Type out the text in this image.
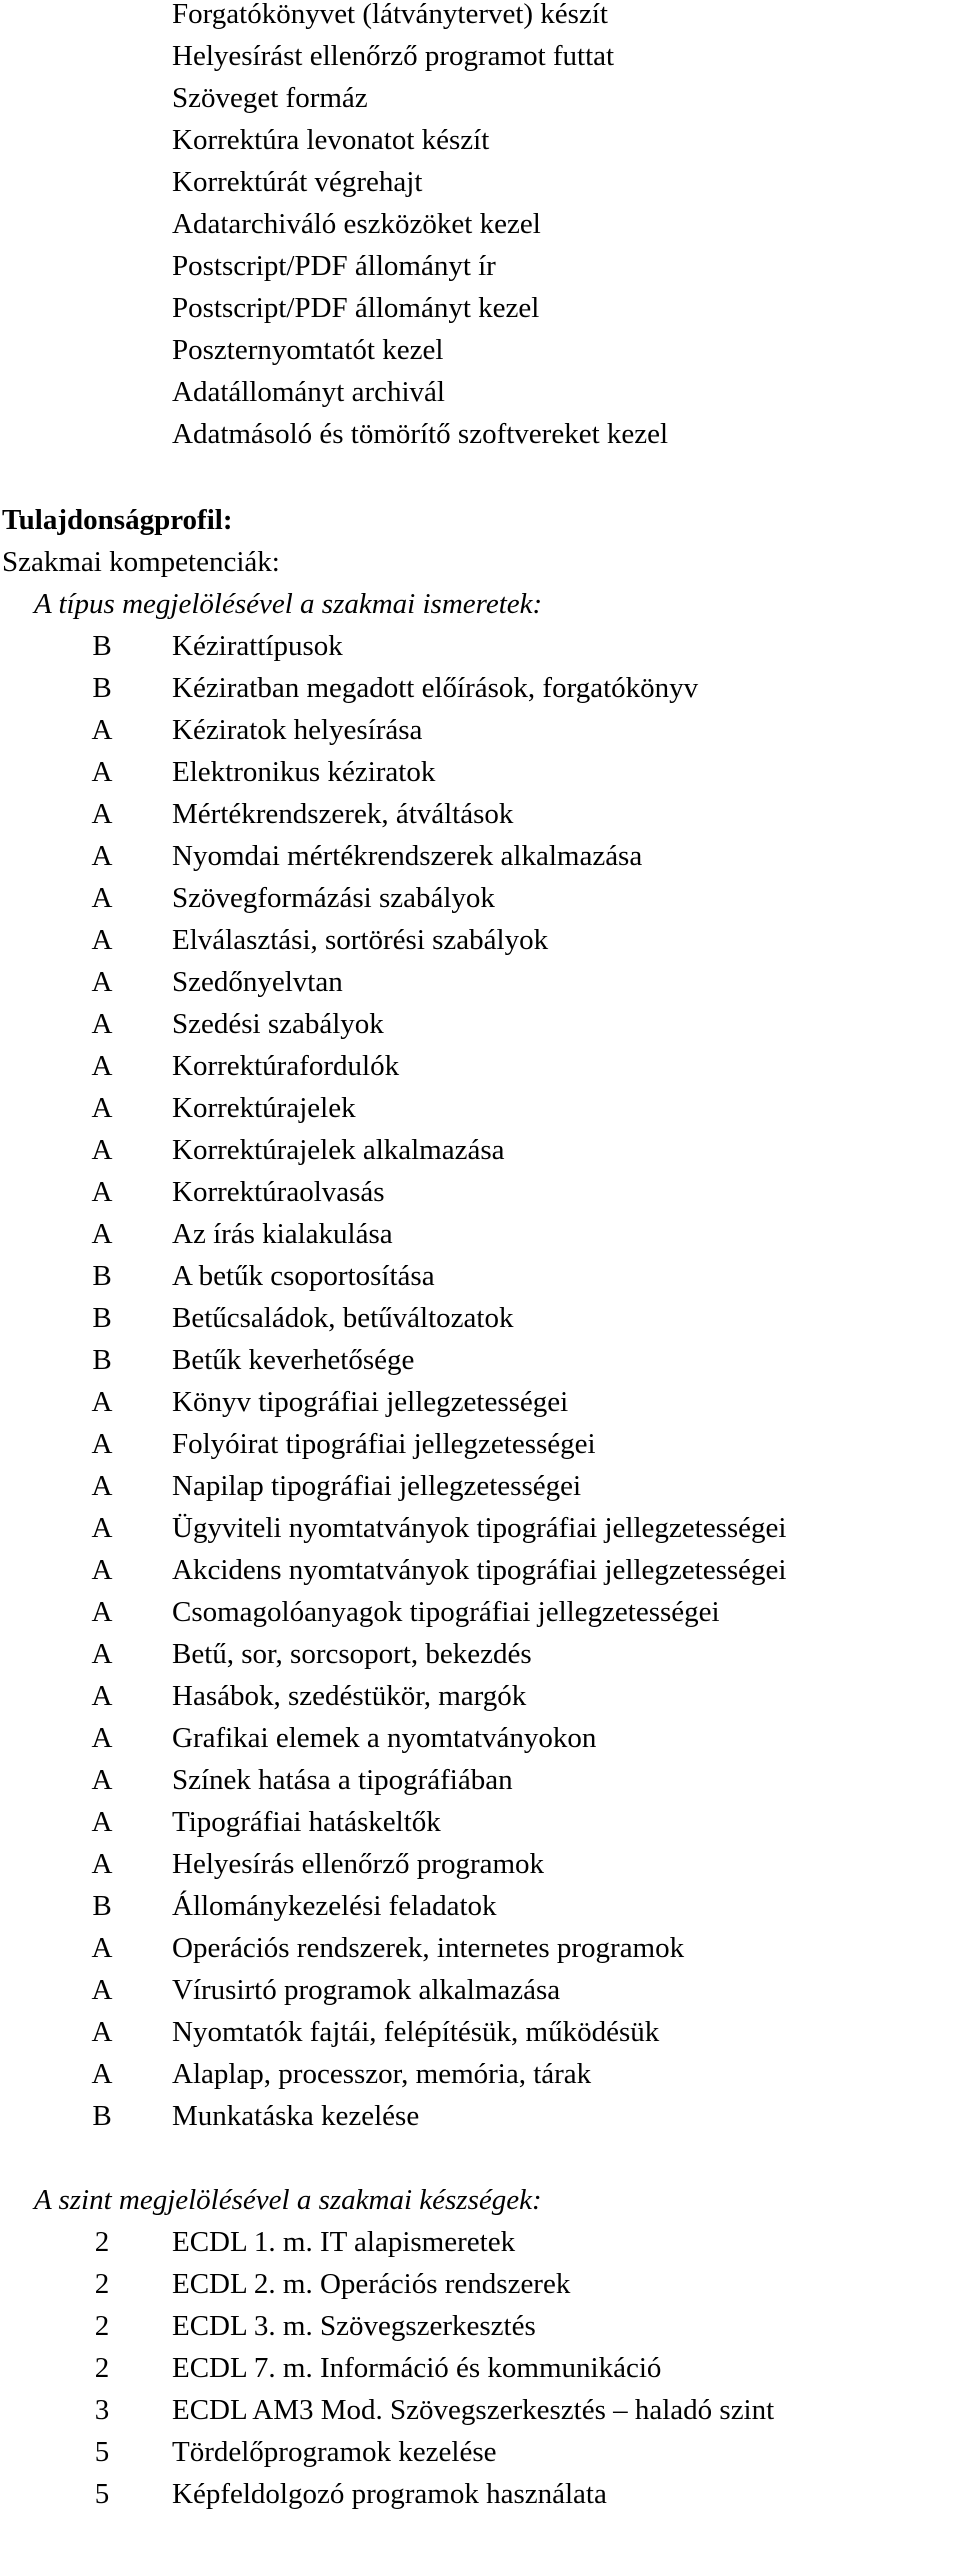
Forgatókönyvet (látványtervet) készít
Helyesírást ellenőrző programot futtat
Szöveget formáz
Korrektúra levonatot készít
Korrektúrát végrehajt
Adatarchiváló eszközöket kezel
Postscript/PDF állományt ír
Postscript/PDF állományt kezel
Poszternyomtatót kezel
Adatállományt archivál
Adatmásoló és tömörítő szoftvereket kezel
Tulajdonságprofil:
Szakmai kompetenciák:
A típus megjelölésével a szakmai ismeretek:
B	Kézirattípusok
B	Kéziratban megadott előírások, forgatókönyv
A	Kéziratok helyesírása
A	Elektronikus kéziratok
A	Mértékrendszerek, átváltások
A	Nyomdai mértékrendszerek alkalmazása
A	Szövegformázási szabályok
A	Elválasztási, sortörési szabályok
A	Szedőnyelvtan
A	Szedési szabályok
A	Korrektúrafordulók
A	Korrektúrajelek
A	Korrektúrajelek alkalmazása
A	Korrektúraolvasás
A	Az írás kialakulása
B	A betűk csoportosítása
B	Betűcsaládok, betűváltozatok
B	Betűk keverhetősége
A	Könyv tipográfiai jellegzetességei
A	Folyóirat tipográfiai jellegzetességei
A	Napilap tipográfiai jellegzetességei
A	Ügyviteli nyomtatványok tipográfiai jellegzetességei
A	Akcidens nyomtatványok tipográfiai jellegzetességei
A	Csomagolóanyagok tipográfiai jellegzetességei
A	Betű, sor, sorcsoport, bekezdés
A	Hasábok, szedéstükör, margók
A	Grafikai elemek a nyomtatványokon
A	Színek hatása a tipográfiában
A	Tipográfiai hatáskeltők
A	Helyesírás ellenőrző programok
B	Állománykezelési feladatok
A	Operációs rendszerek, internetes programok
A	Vírusirtó programok alkalmazása
A	Nyomtatók fajtái, felépítésük, működésük
A	Alaplap, processzor, memória, tárak
B	Munkatáska kezelése
A szint megjelölésével a szakmai készségek:
2	ECDL 1. m. IT alapismeretek
2	ECDL 2. m. Operációs rendszerek
2	ECDL 3. m. Szövegszerkesztés
2	ECDL 7. m. Információ és kommunikáció
3	ECDL AM3 Mod. Szövegszerkesztés – haladó szint
5	Tördelőprogramok kezelése
5	Képfeldolgozó programok használata
